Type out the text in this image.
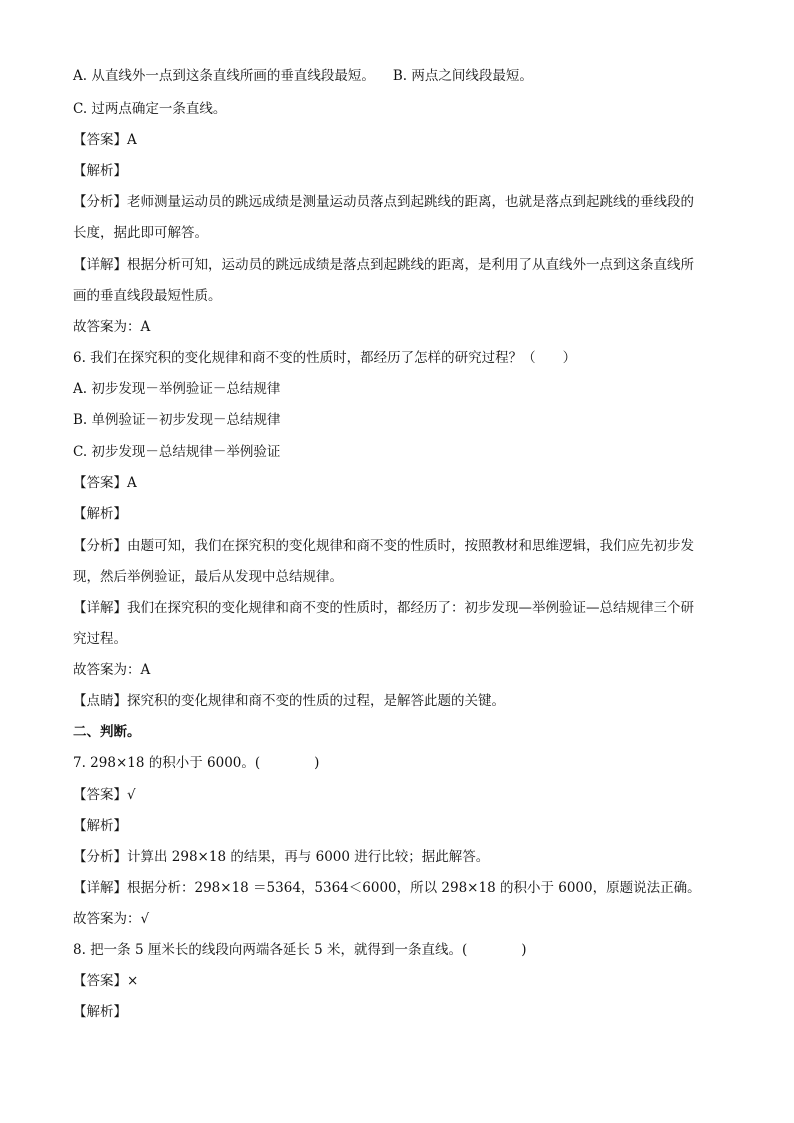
A. 从直线外一点到这条直线所画的垂直线段最短。 B. 两点之间线段最短。
C. 过两点确定一条直线。
【答案】A
【解析】
【分析】老师测量运动员的跳远成绩是测量运动员落点到起跳线的距离，也就是落点到起跳线的垂线段的
长度，据此即可解答。
【详解】根据分析可知，运动员的跳远成绩是落点到起跳线的距离，是利用了从直线外一点到这条直线所
画的垂直线段最短性质。
故答案为：A
6. 我们在探究积的变化规律和商不变的性质时，都经历了怎样的研究过程？（　　）
A. 初步发现－举例验证－总结规律
B. 单例验证－初步发现－总结规律
C. 初步发现－总结规律－举例验证
【答案】A
【解析】
【分析】由题可知，我们在探究积的变化规律和商不变的性质时，按照教材和思维逻辑，我们应先初步发
现，然后举例验证，最后从发现中总结规律。
【详解】我们在探究积的变化规律和商不变的性质时，都经历了：初步发现—举例验证—总结规律三个研
究过程。
故答案为：A
【点睛】探究积的变化规律和商不变的性质的过程，是解答此题的关键。
二、判断。
7. 298×18 的积小于 6000。(　　　　)
【答案】√
【解析】
【分析】计算出 298×18 的结果，再与 6000 进行比较；据此解答。
【详解】根据分析：298×18 ＝5364，5364＜6000，所以 298×18 的积小于 6000，原题说法正确。
故答案为：√
8. 把一条 5 厘米长的线段向两端各延长 5 米，就得到一条直线。(　　　　)
【答案】×
【解析】
